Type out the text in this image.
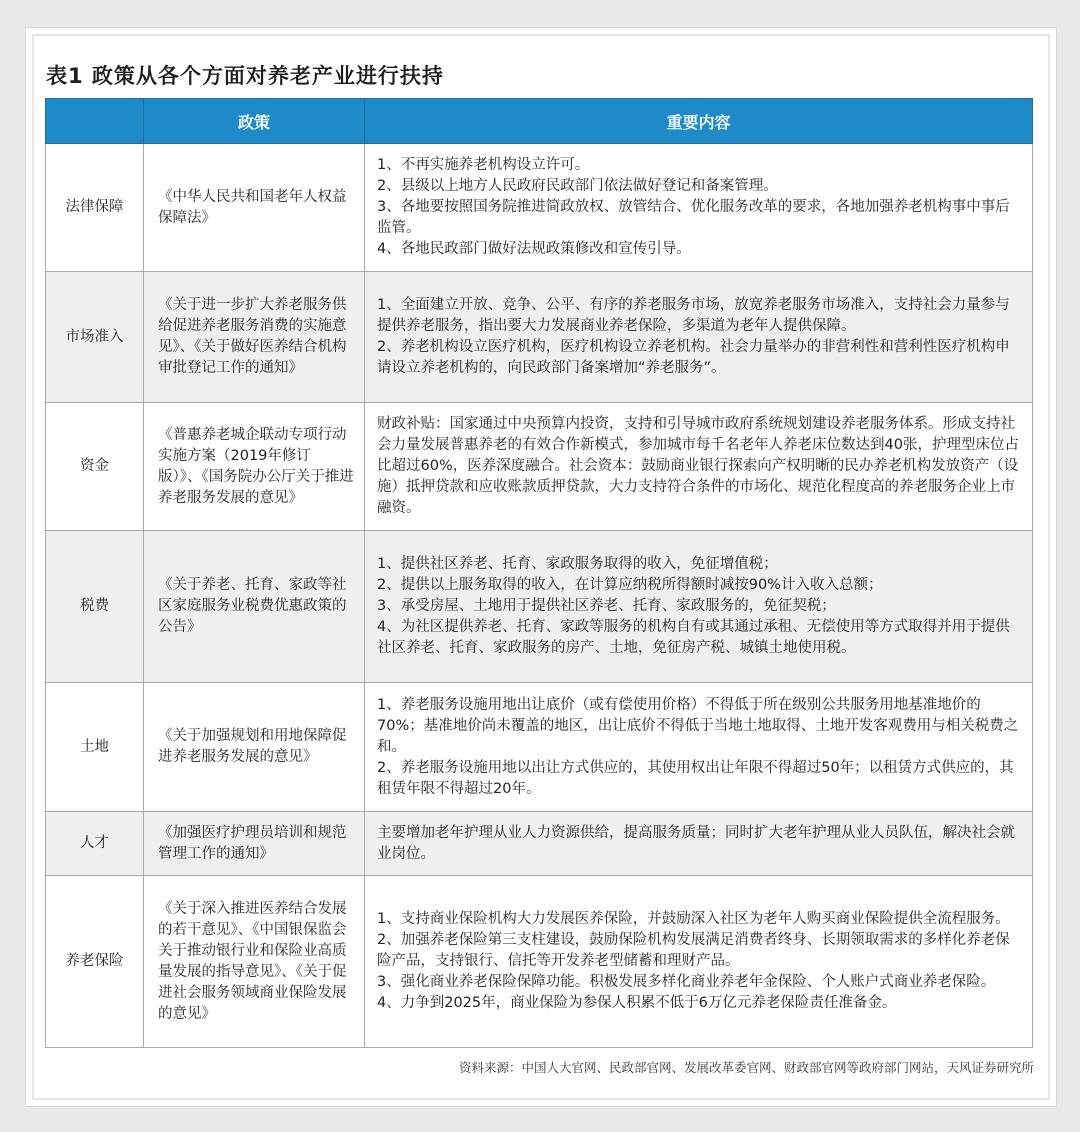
表1 政策从各个方面对养老产业进行扶持
	政策	重要内容
法律保障	《中华人民共和国老年人权益保障法》	1、不再实施养老机构设立许可。
2、县级以上地方人民政府民政部门依法做好登记和备案管理。
3、各地要按照国务院推进简政放权、放管结合、优化服务改革的要求，各地加强养老机构事中事后监管。
4、各地民政部门做好法规政策修改和宣传引导。

市场准入	《关于进一步扩大养老服务供给促进养老服务消费的实施意见》、《关于做好医养结合机构审批登记工作的通知》	1、全面建立开放、竞争、公平、有序的养老服务市场，放宽养老服务市场准入，支持社会力量参与提供养老服务，指出要大力发展商业养老保险，多渠道为老年人提供保障。
2、养老机构设立医疗机构，医疗机构设立养老机构。社会力量举办的非营利性和营利性医疗机构申请设立养老机构的，向民政部门备案增加“养老服务”。

资金	《普惠养老城企联动专项行动实施方案（2019年修订版）》、《国务院办公厅关于推进养老服务发展的意见》	财政补贴：国家通过中央预算内投资，支持和引导城市政府系统规划建设养老服务体系。形成支持社会力量发展普惠养老的有效合作新模式，参加城市每千名老年人养老床位数达到40张，护理型床位占比超过60%，医养深度融合。社会资本：鼓励商业银行探索向产权明晰的民办养老机构发放资产（设施）抵押贷款和应收账款质押贷款，大力支持符合条件的市场化、规范化程度高的养老服务企业上市融资。

税费	《关于养老、托育、家政等社区家庭服务业税费优惠政策的公告》	1、提供社区养老、托育、家政服务取得的收入，免征增值税；
2、提供以上服务取得的收入，在计算应纳税所得额时减按90%计入收入总额；
3、承受房屋、土地用于提供社区养老、托育、家政服务的，免征契税；
4、为社区提供养老、托育、家政等服务的机构自有或其通过承租、无偿使用等方式取得并用于提供社区养老、托育、家政服务的房产、土地，免征房产税、城镇土地使用税。

土地	《关于加强规划和用地保障促进养老服务发展的意见》	1、养老服务设施用地出让底价（或有偿使用价格）不得低于所在级别公共服务用地基准地价的70%；基准地价尚未覆盖的地区，出让底价不得低于当地土地取得、土地开发客观费用与相关税费之和。
2、养老服务设施用地以出让方式供应的，其使用权出让年限不得超过50年；以租赁方式供应的，其租赁年限不得超过20年。

人才	《加强医疗护理员培训和规范管理工作的通知》	主要增加老年护理从业人力资源供给，提高服务质量；同时扩大老年护理从业人员队伍，解决社会就业岗位。

养老保险	《关于深入推进医养结合发展的若干意见》、《中国银保监会关于推动银行业和保险业高质量发展的指导意见》、《关于促进社会服务领域商业保险发展的意见》	1、支持商业保险机构大力发展医养保险，并鼓励深入社区为老年人购买商业保险提供全流程服务。
2、加强养老保险第三支柱建设，鼓励保险机构发展满足消费者终身、长期领取需求的多样化养老保险产品，支持银行、信托等开发养老型储蓄和理财产品。
3、强化商业养老保险保障功能。积极发展多样化商业养老年金保险、个人账户式商业养老保险。
4、力争到2025年，商业保险为参保人积累不低于6万亿元养老保险责任准备金。
资料来源：中国人大官网、民政部官网、发展改革委官网、财政部官网等政府部门网站，天风证券研究所
